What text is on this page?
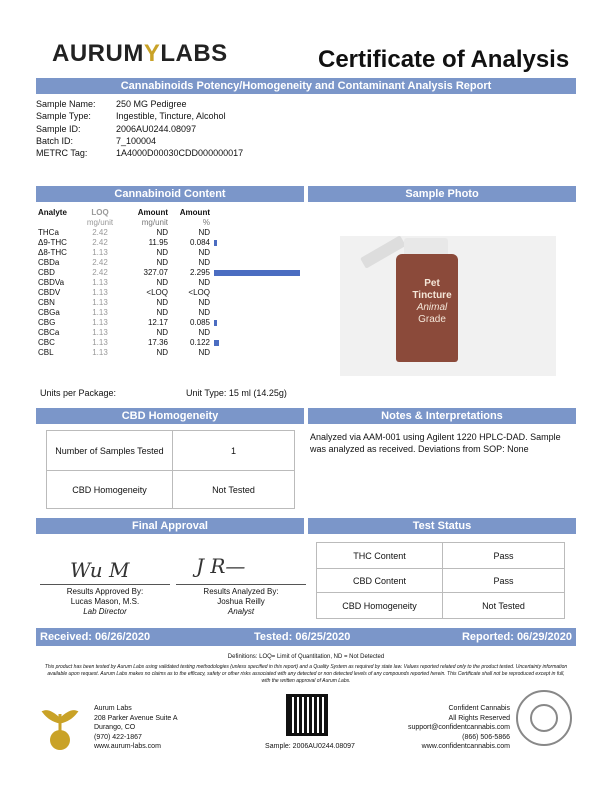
AURUMYLABS	Certificate of Analysis
Cannabinoids Potency/Homogeneity and Contaminant Analysis Report
Sample Name:	250 MG Pedigree
Sample Type:	Ingestible, Tincture, Alcohol
Sample ID:	2006AU0244.08097
Batch ID:	7_100004
METRC Tag:	1A4000D00030CDD000000017
Cannabinoid Content	Sample Photo
Analyte	LOQ	Amount	Amount	
	mg/unit	mg/unit	%	
THCa	2.42	ND	ND	
Δ9-THC	2.42	11.95	0.084	
Δ8-THC	1.13	ND	ND	
CBDa	2.42	ND	ND	
CBD	2.42	327.07	2.295	
CBDVa	1.13	ND	ND	
CBDV	1.13	<LOQ	<LOQ	
CBN	1.13	ND	ND	
CBGa	1.13	ND	ND	
CBG	1.13	12.17	0.085	
CBCa	1.13	ND	ND	
CBC	1.13	17.36	0.122	
CBL	1.13	ND	ND	
Pet
Tincture
Animal
Grade
Units per Package:	Unit Type: 15 ml (14.25g)
CBD Homogeneity	Notes & Interpretations
Number of Samples Tested	1
CBD Homogeneity	Not Tested
Analyzed via AAM-001 using Agilent 1220 HPLC-DAD. Sample was analyzed as received. Deviations from SOP: None
Final Approval	Test Status
Wu M	J R—
Results Approved By:
Lucas Mason, M.S.
Lab Director
Results Analyzed By:
Joshua Reilly
Analyst
THC Content	Pass
CBD Content	Pass
CBD Homogeneity	Not Tested
Received: 06/26/2020	Tested: 06/25/2020	Reported: 06/29/2020
Definitions: LOQ= Limit of Quantitation, ND = Not Detected
This product has been tested by Aurum Labs using validated testing methodologies (unless specified in this report) and a Quality System as required by state law. Values reported related only to the product tested. Uncertainty information available upon request. Aurum Labs makes no claims as to the efficacy, safety or other risks associated with any detected or non detected levels of any compounds reported herein. This Certificate shall not be reproduced except in full, with the written approval of Aurum Labs.
Aurum Labs
208 Parker Avenue Suite A
Durango, CO
(970) 422-1867
www.aurum-labs.com	Sample: 2006AU0244.08097
Confident Cannabis
All Rights Reserved
support@confidentcannabis.com
(866) 506-5866
www.confidentcannabis.com
